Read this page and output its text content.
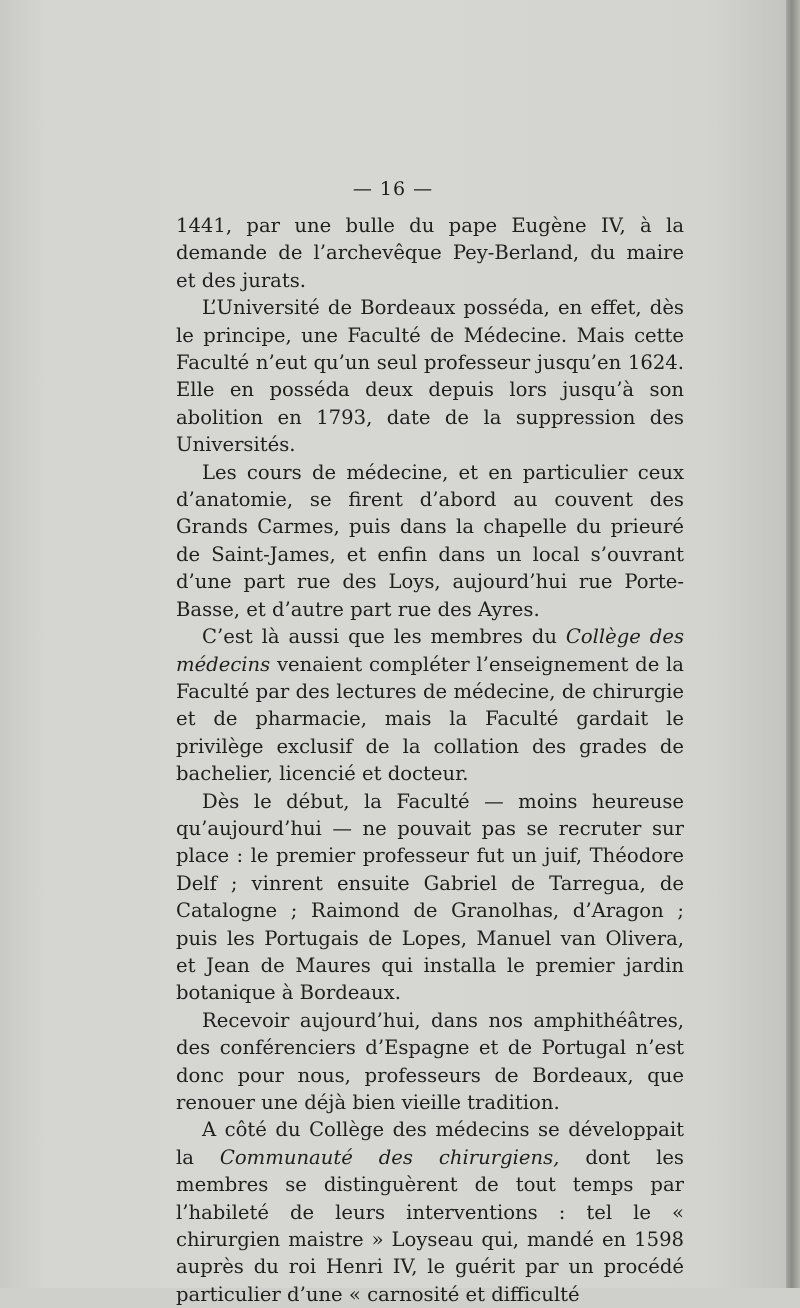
— 16 —

1441, par une bulle du pape Eugène IV, à la demande de l’archevêque Pey-Berland, du maire et des jurats.

L’Université de Bordeaux posséda, en effet, dès le principe, une Faculté de Médecine. Mais cette Faculté n’eut qu’un seul professeur jusqu’en 1624. Elle en posséda deux depuis lors jusqu’à son abolition en 1793, date de la suppression des Universités.

Les cours de médecine, et en particulier ceux d’anatomie, se firent d’abord au couvent des Grands Carmes, puis dans la chapelle du prieuré de Saint-James, et enfin dans un local s’ouvrant d’une part rue des Loys, aujourd’hui rue Porte-Basse, et d’autre part rue des Ayres.

C’est là aussi que les membres du Collège des médecins venaient compléter l’enseignement de la Faculté par des lectures de médecine, de chirurgie et de pharmacie, mais la Faculté gardait le privilège exclusif de la collation des grades de bachelier, licencié et docteur.

Dès le début, la Faculté — moins heureuse qu’aujourd’hui — ne pouvait pas se recruter sur place : le premier professeur fut un juif, Théodore Delf ; vinrent ensuite Gabriel de Tarregua, de Catalogne ; Raimond de Granolhas, d’Aragon ; puis les Portugais de Lopes, Manuel van Olivera, et Jean de Maures qui installa le premier jardin botanique à Bordeaux.

Recevoir aujourd’hui, dans nos amphithéâtres, des conférenciers d’Espagne et de Portugal n’est donc pour nous, professeurs de Bordeaux, que renouer une déjà bien vieille tradition.

A côté du Collège des médecins se développait la Communauté des chirurgiens, dont les membres se distinguèrent de tout temps par l’habileté de leurs interventions : tel le « chirurgien maistre » Loyseau qui, mandé en 1598 auprès du roi Henri IV, le guérit par un procédé particulier d’une « carnosité et difficulté
